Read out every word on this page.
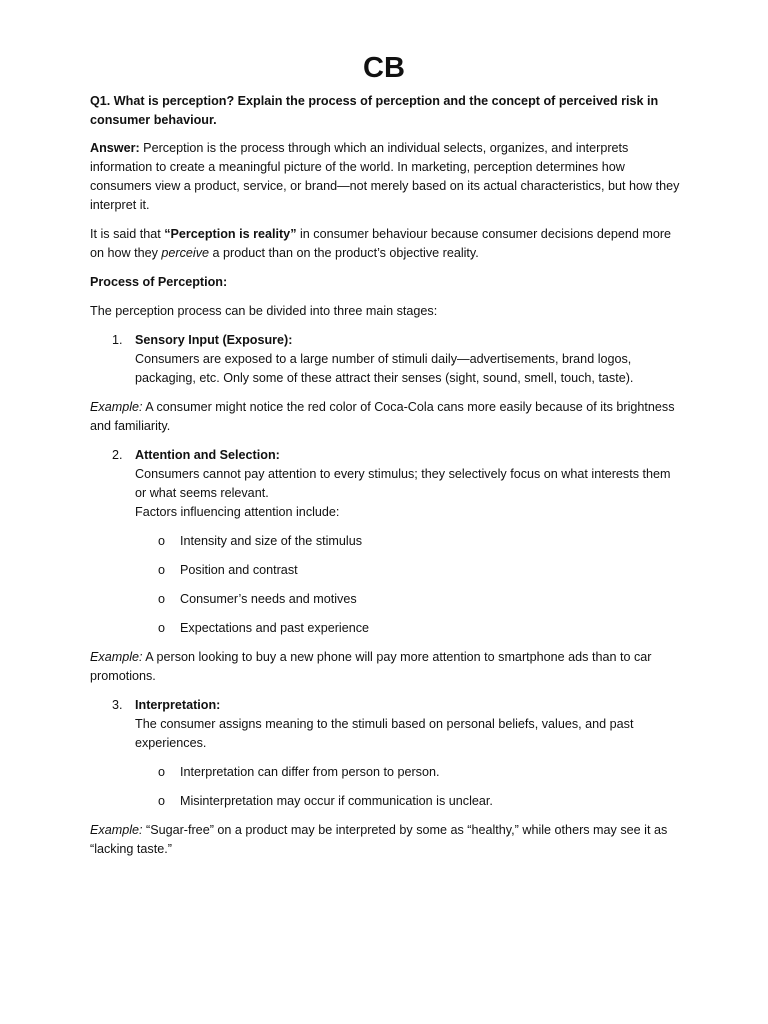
CB

Q1. What is perception? Explain the process of perception and the concept of perceived risk in consumer behaviour.

Answer: Perception is the process through which an individual selects, organizes, and interprets information to create a meaningful picture of the world. In marketing, perception determines how consumers view a product, service, or brand—not merely based on its actual characteristics, but how they interpret it.

It is said that “Perception is reality” in consumer behaviour because consumer decisions depend more on how they perceive a product than on the product’s objective reality.

Process of Perception:

The perception process can be divided into three main stages:

1. Sensory Input (Exposure):
Consumers are exposed to a large number of stimuli daily—advertisements, brand logos, packaging, etc. Only some of these attract their senses (sight, sound, smell, touch, taste).

Example: A consumer might notice the red color of Coca-Cola cans more easily because of its brightness and familiarity.

2. Attention and Selection:
Consumers cannot pay attention to every stimulus; they selectively focus on what interests them or what seems relevant.
Factors influencing attention include:
o Intensity and size of the stimulus
o Position and contrast
o Consumer’s needs and motives
o Expectations and past experience

Example: A person looking to buy a new phone will pay more attention to smartphone ads than to car promotions.

3. Interpretation:
The consumer assigns meaning to the stimuli based on personal beliefs, values, and past experiences.
o Interpretation can differ from person to person.
o Misinterpretation may occur if communication is unclear.

Example: “Sugar-free” on a product may be interpreted by some as “healthy,” while others may see it as “lacking taste.”
